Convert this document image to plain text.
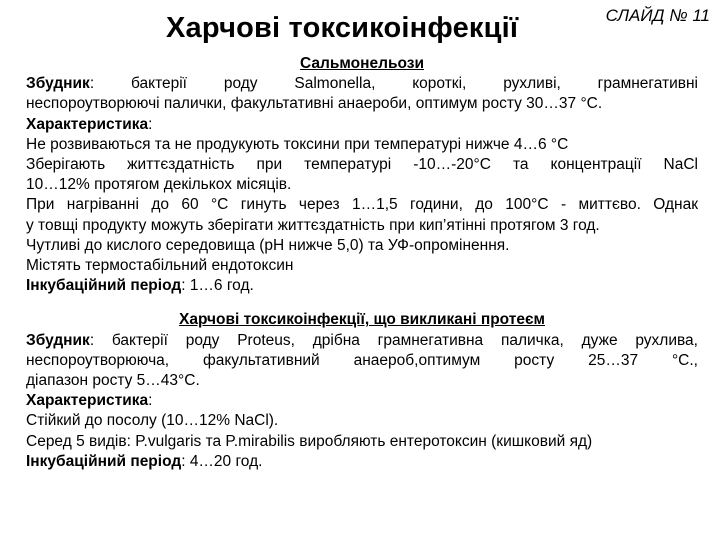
СЛАЙД № 11
Харчові токсикоінфекції

Сальмонельози

Збудник: бактерії роду Salmonella, короткі, рухливі, грамнегативні

неспороутворюючі палички, факультативні анаероби, оптимум росту 30…37 °С.

Характеристика:

Не розвиваються та не продукують токсини при температурі нижче 4…6 °С

Зберігають життєздатність при температурі -10…-20°С та концентрації NaCl

10…12% протягом декількох місяців.

При нагріванні до 60 °С гинуть через 1…1,5 години, до 100°С - миттєво. Однак

у товщі продукту можуть зберігати життєздатність при кип’ятінні протягом 3 год.

Чутливі до кислого середовища (рН нижче 5,0) та УФ-опромінення.

Містять термостабільний ендотоксин

Інкубаційний період: 1…6 год.

Харчові токсикоінфекції, що викликані протеєм

Збудник: бактерії роду Proteus, дрібна грамнегативна паличка, дуже рухлива,

неспороутворююча, факультативний анаероб,оптимум росту 25…37 °С.,

діапазон росту 5…43°С.

Характеристика:

Стійкий до посолу (10…12% NaCl).

Серед 5 видів: P.vulgaris та P.mirabilis виробляють ентеротоксин (кишковий яд)

Інкубаційний період: 4…20 год.
